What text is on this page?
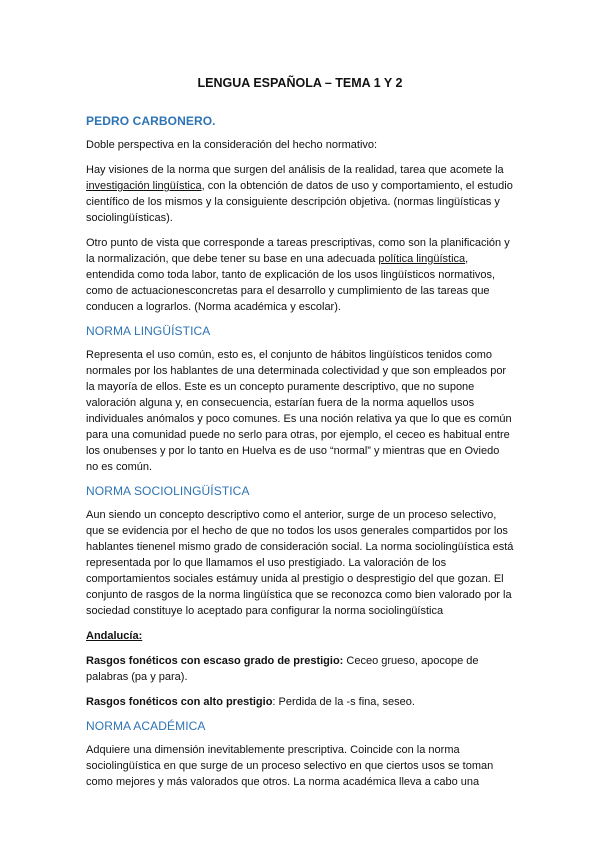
LENGUA ESPAÑOLA – TEMA 1 Y 2
PEDRO CARBONERO.

Doble perspectiva en la consideración del hecho normativo:

Hay visiones de la norma que surgen del análisis de la realidad, tarea que acomete la investigación lingüística, con la obtención de datos de uso y comportamiento, el estudio científico de los mismos y la consiguiente descripción objetiva. (normas lingüísticas y sociolingüísticas).

Otro punto de vista que corresponde a tareas prescriptivas, como son la planificación y la normalización, que debe tener su base en una adecuada política lingüística, entendida como toda labor, tanto de explicación de los usos lingüísticos normativos, como de actuacionesconcretas para el desarrollo y cumplimiento de las tareas que conducen a lograrlos. (Norma académica y escolar).

NORMA LINGÜÍSTICA

Representa el uso común, esto es, el conjunto de hábitos lingüísticos tenidos como normales por los hablantes de una determinada colectividad y que son empleados por la mayoría de ellos. Este es un concepto puramente descriptivo, que no supone valoración alguna y, en consecuencia, estarían fuera de la norma aquellos usos individuales anómalos y poco comunes. Es una noción relativa ya que lo que es común para una comunidad puede no serlo para otras, por ejemplo, el ceceo es habitual entre los onubenses y por lo tanto en Huelva es de uso “normal” y mientras que en Oviedo no es común.

NORMA SOCIOLINGÜÍSTICA

Aun siendo un concepto descriptivo como el anterior, surge de un proceso selectivo, que se evidencia por el hecho de que no todos los usos generales compartidos por los hablantes tienenel mismo grado de consideración social. La norma sociolingüística está representada por lo que llamamos el uso prestigiado. La valoración de los comportamientos sociales estámuy unida al prestigio o desprestigio del que gozan. El conjunto de rasgos de la norma lingüística que se reconozca como bien valorado por la sociedad constituye lo aceptado para configurar la norma sociolingüística

Andalucía:

Rasgos fonéticos con escaso grado de prestigio: Ceceo grueso, apocope de palabras (pa y para).

Rasgos fonéticos con alto prestigio: Perdida de la -s fina, seseo.

NORMA ACADÉMICA

Adquiere una dimensión inevitablemente prescriptiva. Coincide con la norma sociolingüística en que surge de un proceso selectivo en que ciertos usos se toman como mejores y más valorados que otros. La norma académica lleva a cabo una
